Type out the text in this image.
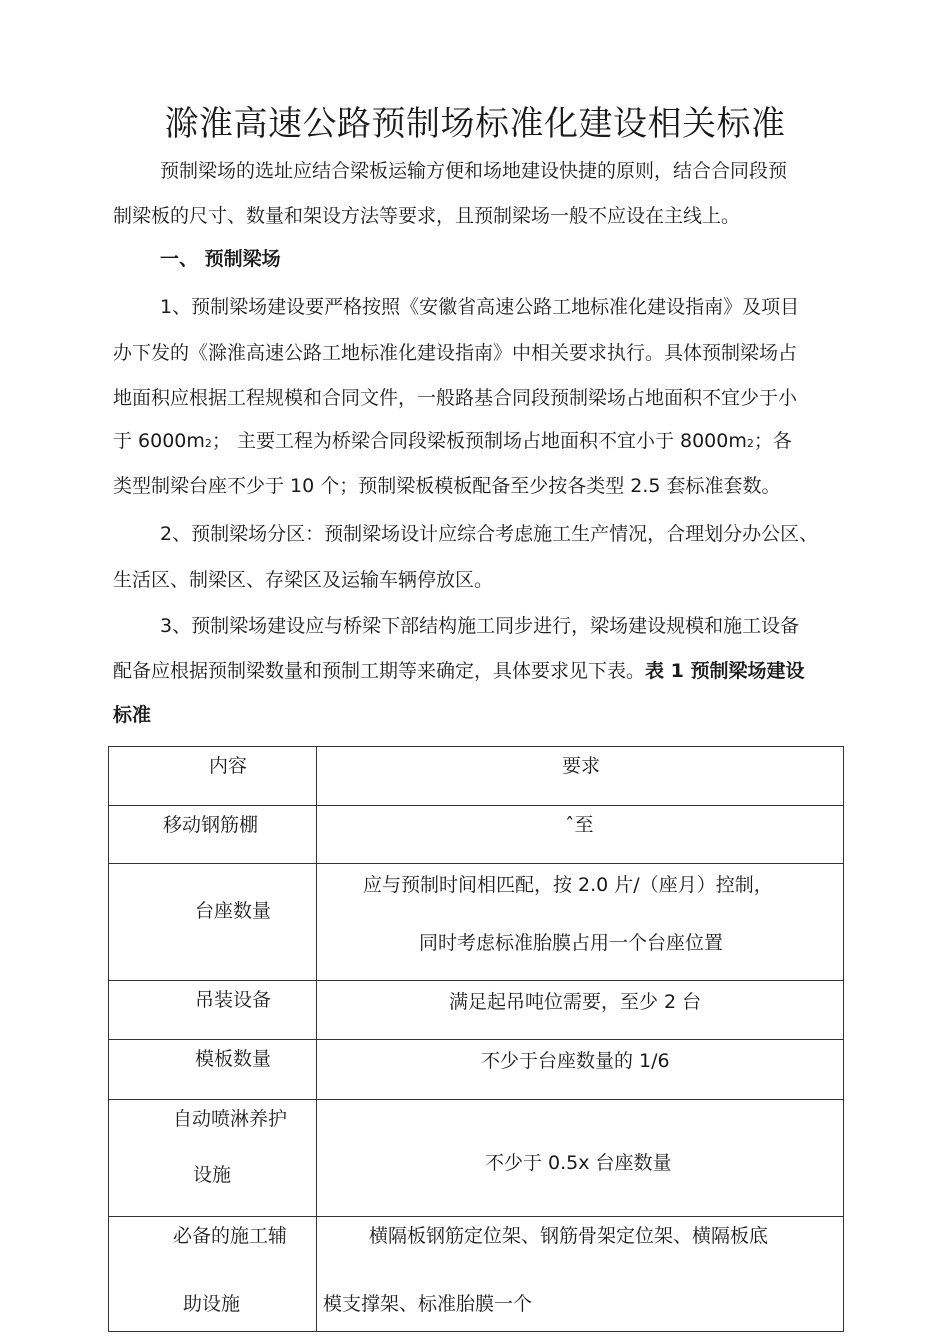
滁淮高速公路预制场标准化建设相关标准
预制梁场的选址应结合梁板运输方便和场地建设快捷的原则，结合合同段预
制梁板的尺寸、数量和架设方法等要求，且预制梁场一般不应设在主线上。
一、 预制梁场
1、预制梁场建设要严格按照《安徽省高速公路工地标准化建设指南》及项目
办下发的《滁淮高速公路工地标准化建设指南》中相关要求执行。具体预制梁场占
地面积应根据工程规模和合同文件，一般路基合同段预制梁场占地面积不宜少于小
于 6000m2； 主要工程为桥梁合同段梁板预制场占地面积不宜小于 8000m2；各
类型制梁台座不少于 10 个；预制梁板模板配备至少按各类型 2.5 套标准套数。
2、预制梁场分区：预制梁场设计应综合考虑施工生产情况，合理划分办公区、
生活区、制梁区、存梁区及运输车辆停放区。
3、预制梁场建设应与桥梁下部结构施工同步进行，梁场建设规模和施工设备
配备应根据预制梁数量和预制工期等来确定，具体要求见下表。表 1 预制梁场建设
标准
内容	要求

移动钢筋棚	ˆ至

台座数量	应与预制时间相匹配，按 2.0 片/（座月）控制，
同时考虑标准胎膜占用一个台座位置

吊装设备	满足起吊吨位需要，至少 2 台

模板数量	不少于台座数量的 1/6

自动喷淋养护
设施	不少于 0.5x 台座数量

必备的施工辅
助设施	横隔板钢筋定位架、钢筋骨架定位架、横隔板底
模支撑架、标准胎膜一个
